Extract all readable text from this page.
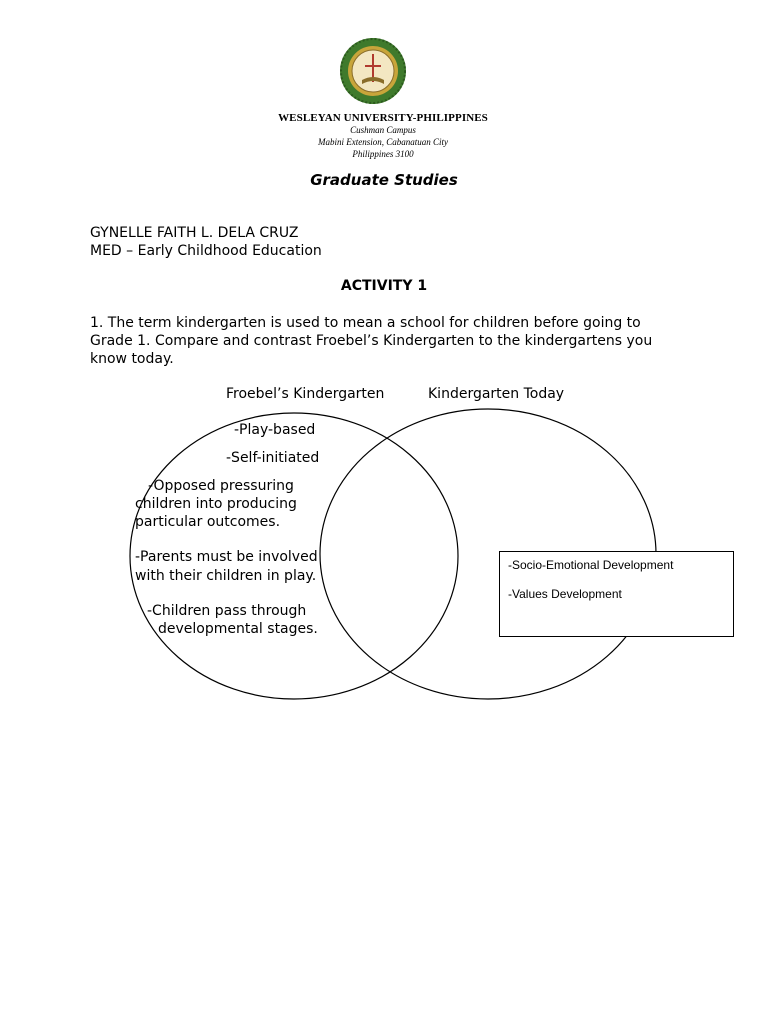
WESLEYAN UNIVERSITY-PHILIPPINES
Cushman Campus
Mabini Extension, Cabanatuan City
Philippines 3100
Graduate Studies
GYNELLE FAITH L. DELA CRUZ
MED – Early Childhood Education
ACTIVITY 1
1. The term kindergarten is used to mean a school for children before going to
Grade 1. Compare and contrast Froebel’s Kindergarten to the kindergartens you
know today.
Froebel’s Kindergarten	Kindergarten Today
-Play-based
-Self-initiated
-Opposed pressuring
children into producing
particular outcomes.
-Parents must be involved
with their children in play.
-Children pass through
developmental stages.
-Socio-Emotional Development
-Values Development
